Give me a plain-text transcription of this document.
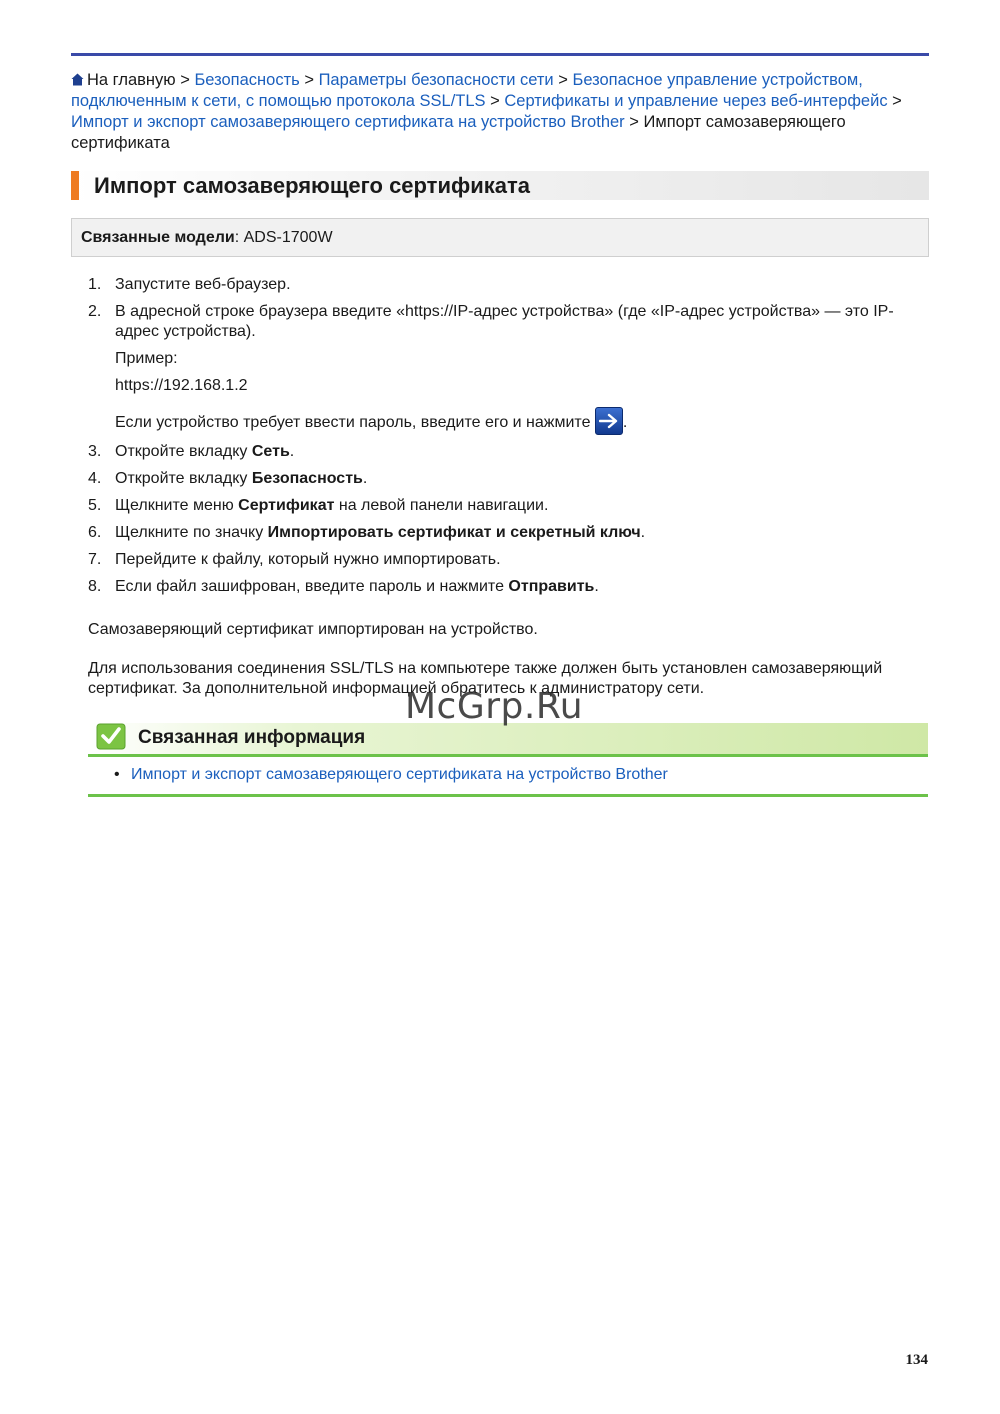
На главную > Безопасность > Параметры безопасности сети > Безопасное управление устройством, подключенным к сети, с помощью протокола SSL/TLS > Сертификаты и управление через веб-интерфейс > Импорт и экспорт самозаверяющего сертификата на устройство Brother > Импорт самозаверяющего сертификата
Импорт самозаверяющего сертификата
Связанные модели: ADS-1700W
1. Запустите веб-браузер.

2. В адресной строке браузера введите «https://IP-адрес устройства» (где «IP-адрес устройства» — это IP-адрес устройства).

Пример:

https://192.168.1.2

Если устройство требует ввести пароль, введите его и нажмите .

3. Откройте вкладку Сеть.

4. Откройте вкладку Безопасность.

5. Щелкните меню Сертификат на левой панели навигации.

6. Щелкните по значку Импортировать сертификат и секретный ключ.

7. Перейдите к файлу, который нужно импортировать.

8. Если файл зашифрован, введите пароль и нажмите Отправить.

Самозаверяющий сертификат импортирован на устройство.

Для использования соединения SSL/TLS на компьютере также должен быть установлен самозаверяющий сертификат. За дополнительной информацией обратитесь к администратору сети.

Связанная информация
• Импорт и экспорт самозаверяющего сертификата на устройство Brother
McGrp.Ru
134
